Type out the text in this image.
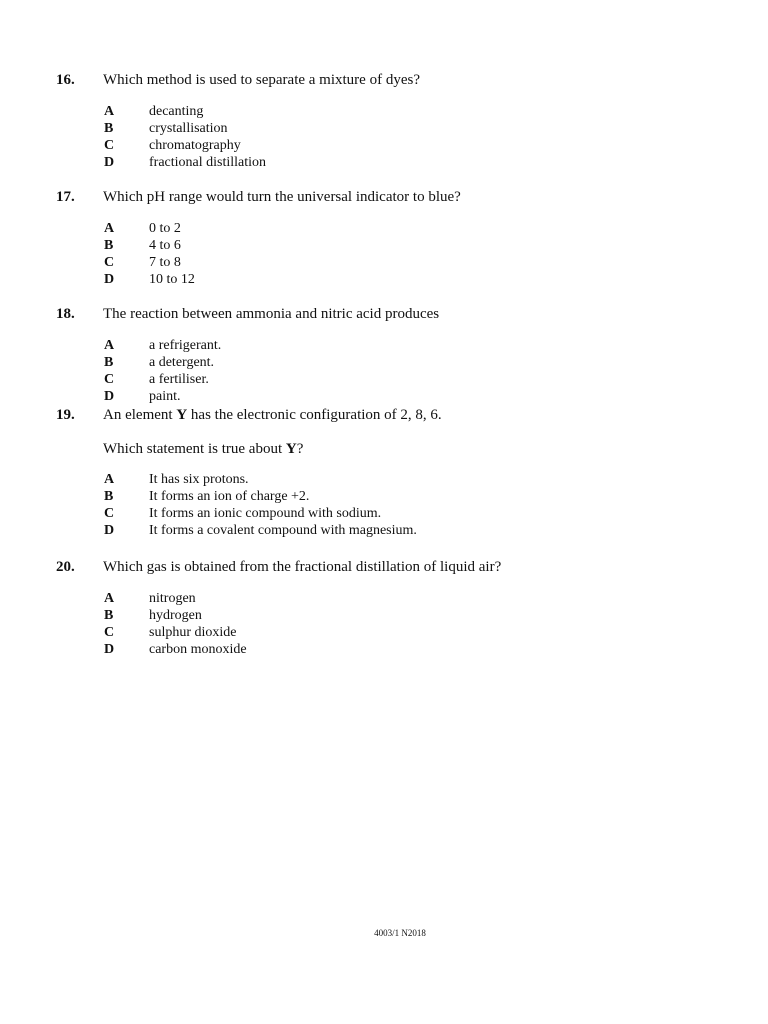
16. Which method is used to separate a mixture of dyes?
A decanting
B	crystallisation
C chromatography
D fractional distillation
17. Which pH range would turn the universal indicator to blue?
A 0 to 2
B	4 to 6
C 7 to 8
D 10 to 12
18. The reaction between ammonia and nitric acid produces
A a refrigerant.
B	a detergent.
C a fertiliser.
D paint.
19. An element Y has the electronic configuration of 2, 8, 6.
Which statement is true about Y?
A It has six protons.
B	It forms an ion of charge +2.
C It forms an ionic compound with sodium.
D It forms a covalent compound with magnesium.
20. Which gas is obtained from the fractional distillation of liquid air?
A nitrogen
B	hydrogen
C sulphur dioxide
D carbon monoxide
4003/1 N2018
